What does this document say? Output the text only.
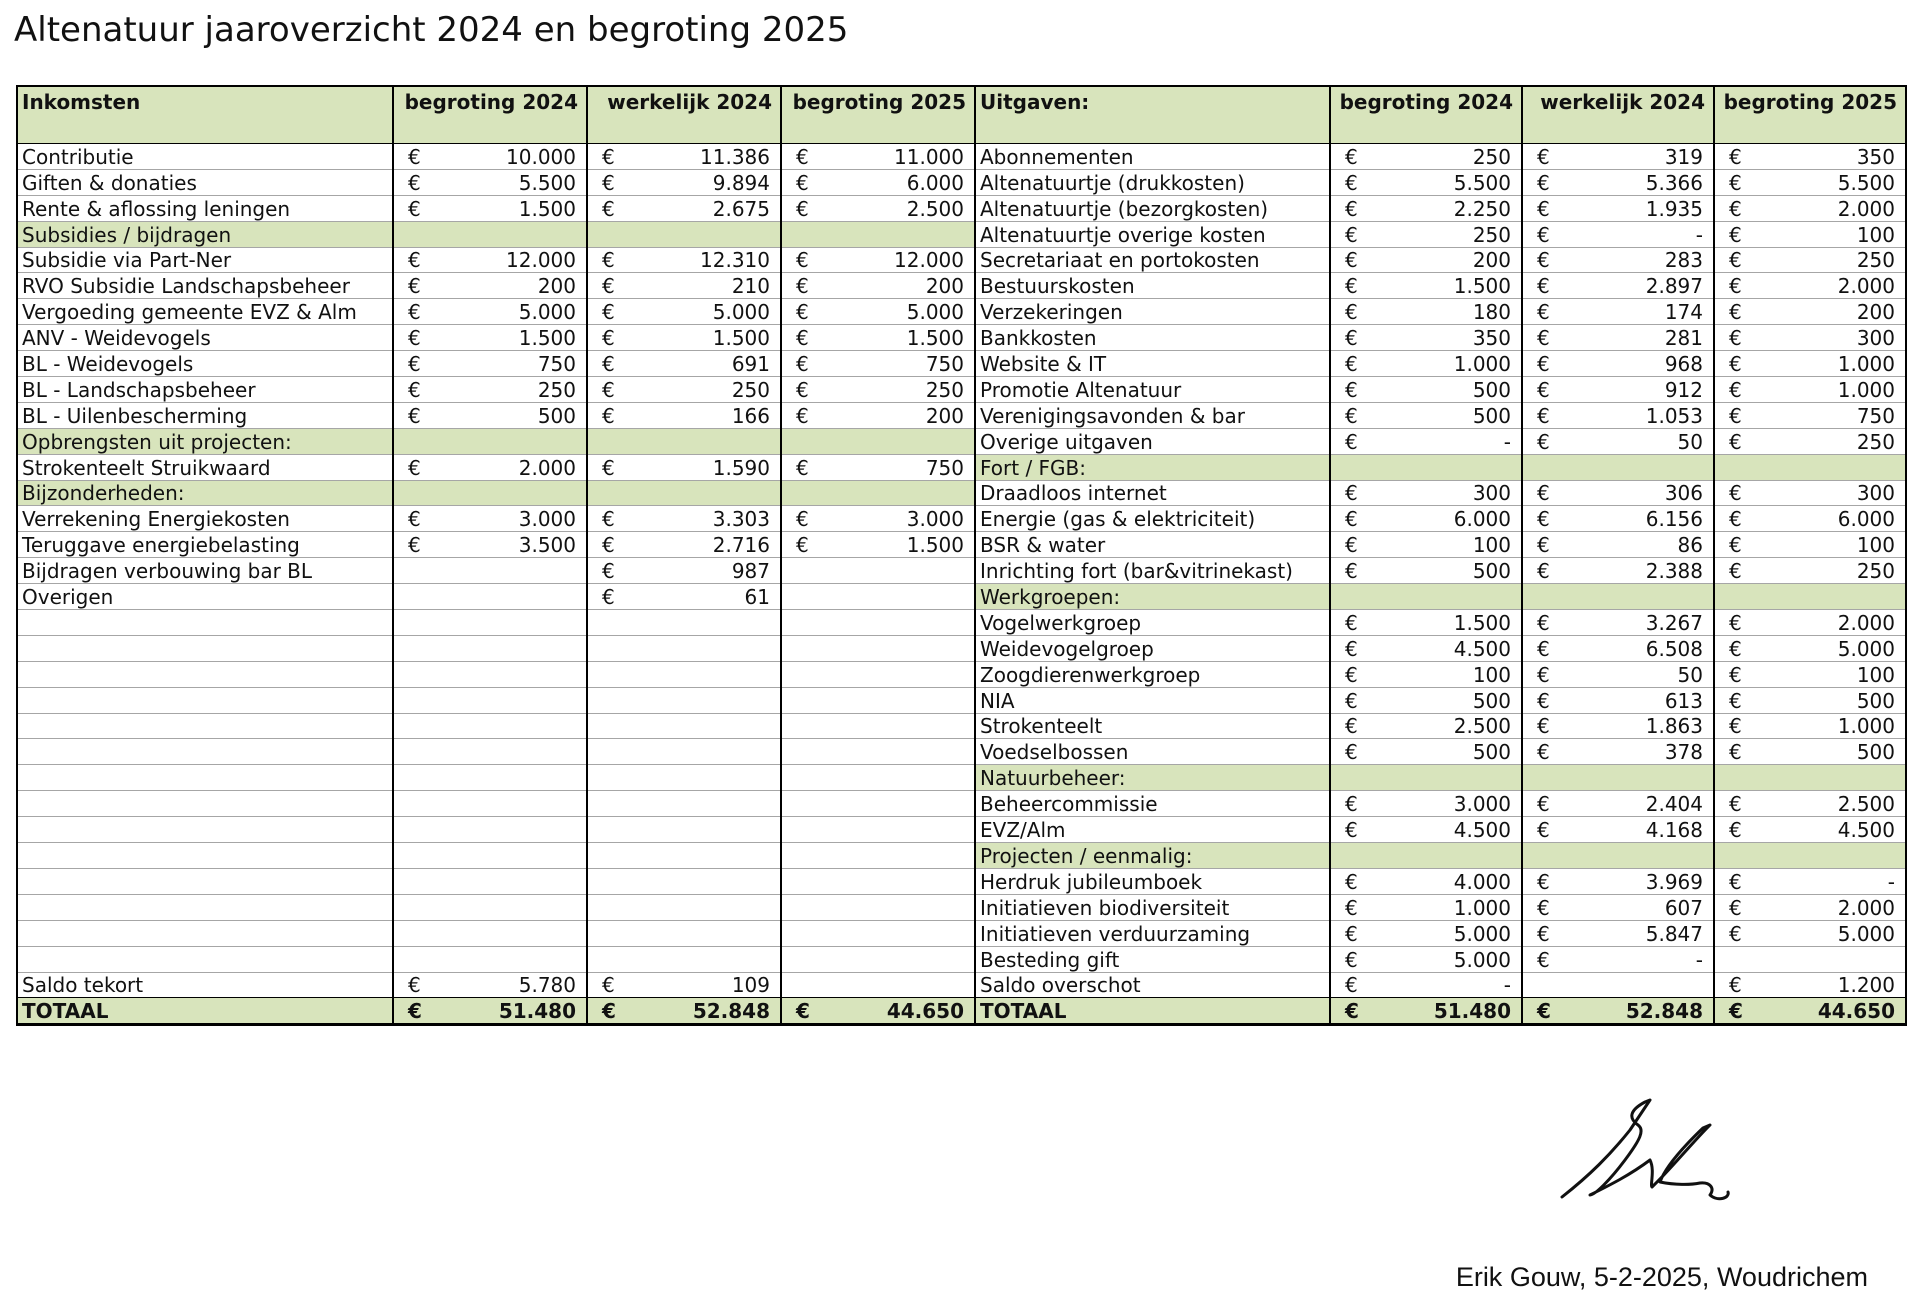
Altenatuur jaaroverzicht 2024 en begroting 2025
Inkomsten	begroting 2024	werkelijk 2024	begroting 2025	Uitgaven:	begroting 2024	werkelijk 2024	begroting 2025
Contributie	€ 10.000	€ 11.386	€ 11.000	Abonnementen	€ 250	€ 319	€ 350

Giften & donaties	€ 5.500	€ 9.894	€ 6.000	Altenatuurtje (drukkosten)	€ 5.500	€ 5.366	€ 5.500

Rente & aflossing leningen	€ 1.500	€ 2.675	€ 2.500	Altenatuurtje (bezorgkosten)	€ 2.250	€ 1.935	€ 2.000

Subsidies / bijdragen				Altenatuurtje overige kosten	€ 250	€ -	€ 100

Subsidie via Part-Ner	€ 12.000	€ 12.310	€ 12.000	Secretariaat en portokosten	€ 200	€ 283	€ 250

RVO Subsidie Landschapsbeheer	€ 200	€ 210	€ 200	Bestuurskosten	€ 1.500	€ 2.897	€ 2.000

Vergoeding gemeente EVZ & Alm	€ 5.000	€ 5.000	€ 5.000	Verzekeringen	€ 180	€ 174	€ 200

ANV - Weidevogels	€ 1.500	€ 1.500	€ 1.500	Bankkosten	€ 350	€ 281	€ 300

BL - Weidevogels	€ 750	€ 691	€ 750	Website & IT	€ 1.000	€ 968	€ 1.000

BL - Landschapsbeheer	€ 250	€ 250	€ 250	Promotie Altenatuur	€ 500	€ 912	€ 1.000

BL - Uilenbescherming	€ 500	€ 166	€ 200	Verenigingsavonden & bar	€ 500	€ 1.053	€ 750

Opbrengsten uit projecten:				Overige uitgaven	€ -	€ 50	€ 250

Strokenteelt Struikwaard	€ 2.000	€ 1.590	€ 750	Fort / FGB:			
Bijzonderheden:				Draadloos internet	€ 300	€ 306	€ 300

Verrekening Energiekosten	€ 3.000	€ 3.303	€ 3.000	Energie (gas & elektriciteit)	€ 6.000	€ 6.156	€ 6.000

Teruggave energiebelasting	€ 3.500	€ 2.716	€ 1.500	BSR & water	€ 100	€ 86	€ 100

Bijdragen verbouwing bar BL		€ 987		Inrichting fort (bar&vitrinekast)	€ 500	€ 2.388	€ 250

Overigen		€ 61		Werkgroepen:			
				Vogelwerkgroep	€ 1.500	€ 3.267	€ 2.000

				Weidevogelgroep	€ 4.500	€ 6.508	€ 5.000

				Zoogdierenwerkgroep	€ 100	€ 50	€ 100

				NIA	€ 500	€ 613	€ 500

				Strokenteelt	€ 2.500	€ 1.863	€ 1.000

				Voedselbossen	€ 500	€ 378	€ 500

				Natuurbeheer:			
				Beheercommissie	€ 3.000	€ 2.404	€ 2.500

				EVZ/Alm	€ 4.500	€ 4.168	€ 4.500

				Projecten / eenmalig:			
				Herdruk jubileumboek	€ 4.000	€ 3.969	€ -

				Initiatieven biodiversiteit	€ 1.000	€ 607	€ 2.000

				Initiatieven verduurzaming	€ 5.000	€ 5.847	€ 5.000

				Besteding gift	€ 5.000	€ -	

Saldo tekort	€ 5.780	€ 109		Saldo overschot	€ -		€ 1.200

TOTAAL	€ 51.480	€ 52.848	€ 44.650	TOTAAL	€ 51.480	€ 52.848	€ 44.650
Erik Gouw, 5-2-2025, Woudrichem
